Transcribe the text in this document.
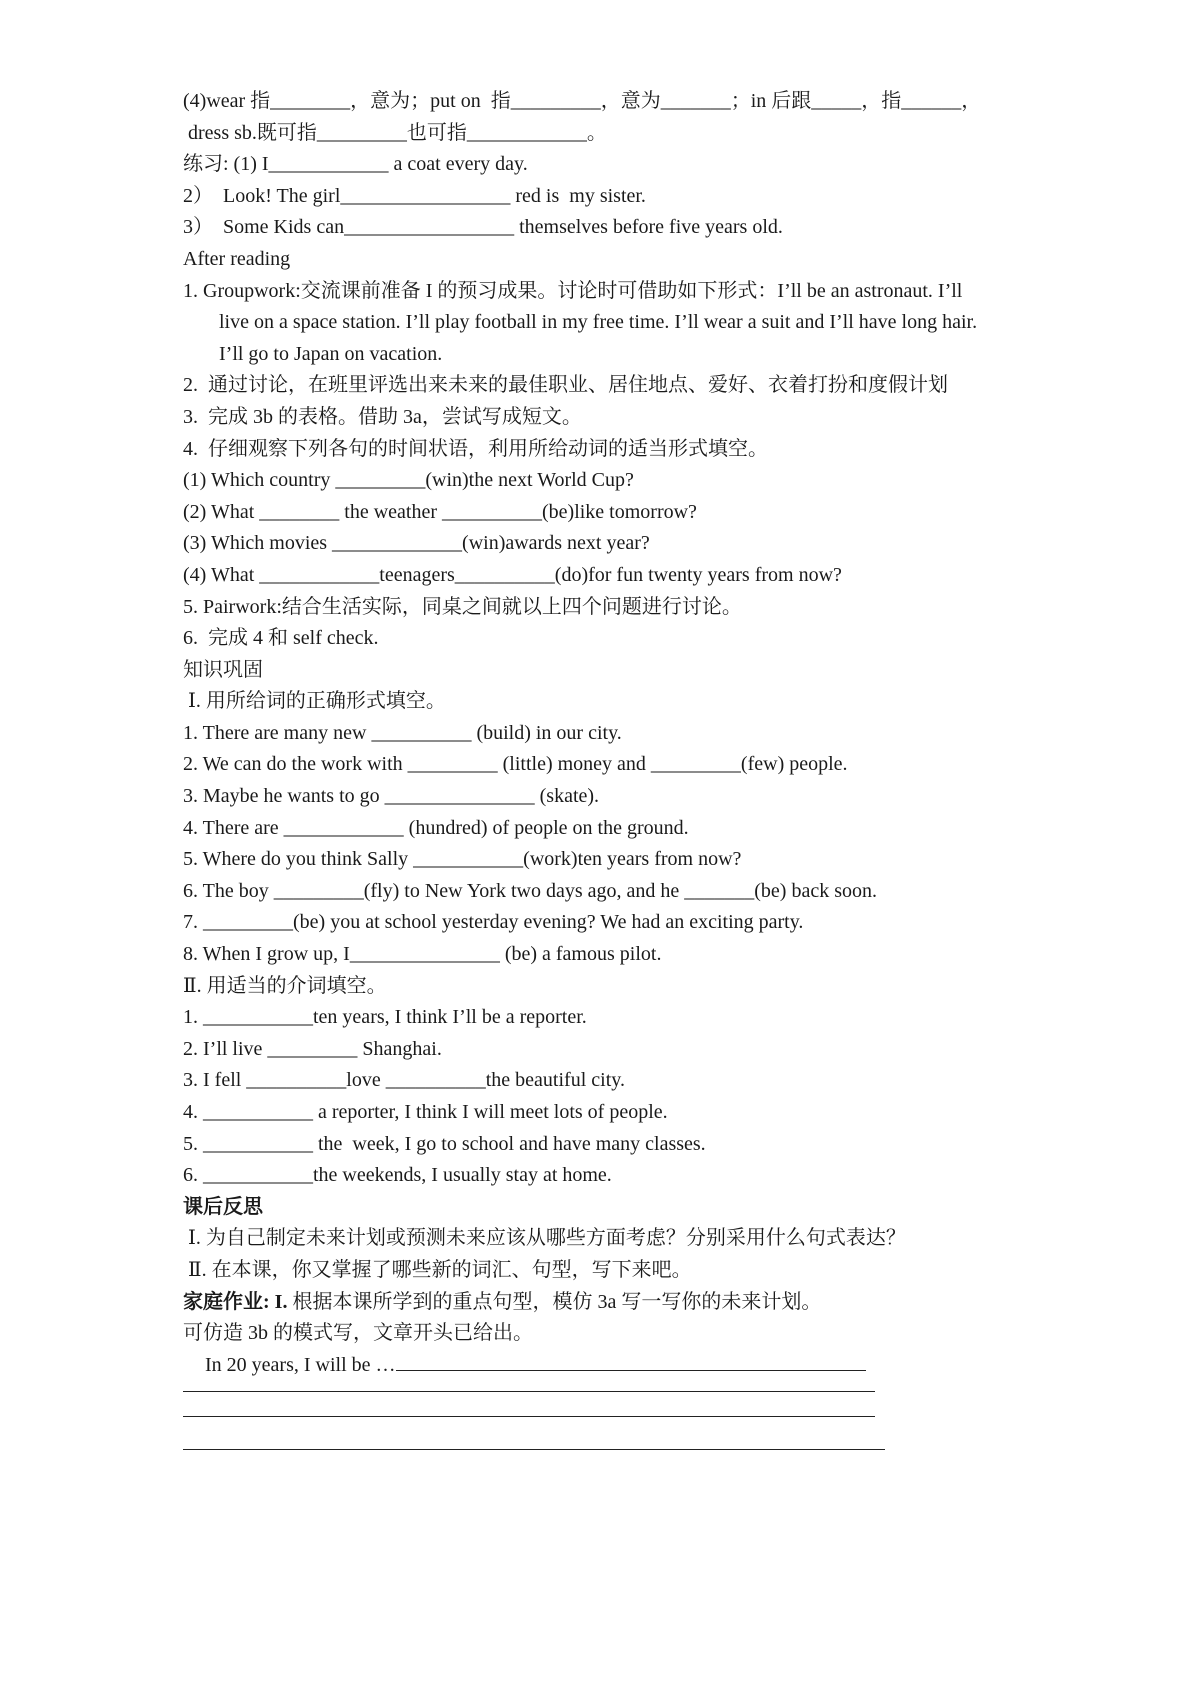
(4)wear 指________，意为；put on  指_________，意为_______；in 后跟_____，指______，
dress sb.既可指_________也可指____________。
练习: (1) I____________ a coat every day.
2）  Look! The girl_________________ red is  my sister.
3）  Some Kids can_________________ themselves before five years old.
After reading
1. Groupwork:交流课前准备 I 的预习成果。讨论时可借助如下形式：I’ll be an astronaut. I’ll
live on a space station. I’ll play football in my free time. I’ll wear a suit and I’ll have long hair.
I’ll go to Japan on vacation.
2.  通过讨论，在班里评选出来未来的最佳职业、居住地点、爱好、衣着打扮和度假计划
3.  完成 3b 的表格。借助 3a，尝试写成短文。
4.  仔细观察下列各句的时间状语，利用所给动词的适当形式填空。
(1) Which country _________(win)the next World Cup?
(2) What ________ the weather __________(be)like tomorrow?
(3) Which movies _____________(win)awards next year?
(4) What ____________teenagers__________(do)for fun twenty years from now?
5. Pairwork:结合生活实际，同桌之间就以上四个问题进行讨论。
6.  完成 4 和 self check.
知识巩固
Ⅰ. 用所给词的正确形式填空。
1. There are many new __________ (build) in our city.
2. We can do the work with _________ (little) money and _________(few) people.
3. Maybe he wants to go _______________ (skate).
4. There are ____________ (hundred) of people on the ground.
5. Where do you think Sally ___________(work)ten years from now?
6. The boy _________(fly) to New York two days ago, and he _______(be) back soon.
7. _________(be) you at school yesterday evening? We had an exciting party.
8. When I grow up, I_______________ (be) a famous pilot.
Ⅱ. 用适当的介词填空。
1. ___________ten years, I think I’ll be a reporter.
2. I’ll live _________ Shanghai.
3. I fell __________love __________the beautiful city.
4. ___________ a reporter, I think I will meet lots of people.
5. ___________ the  week, I go to school and have many classes.
6. ___________the weekends, I usually stay at home.
课后反思
Ⅰ. 为自己制定未来计划或预测未来应该从哪些方面考虑？分别采用什么句式表达？
Ⅱ. 在本课，你又掌握了哪些新的词汇、句型，写下来吧。
家庭作业: I. 根据本课所学到的重点句型，模仿 3a 写一写你的未来计划。
可仿造 3b 的模式写，文章开头已给出。
In 20 years, I will be …
